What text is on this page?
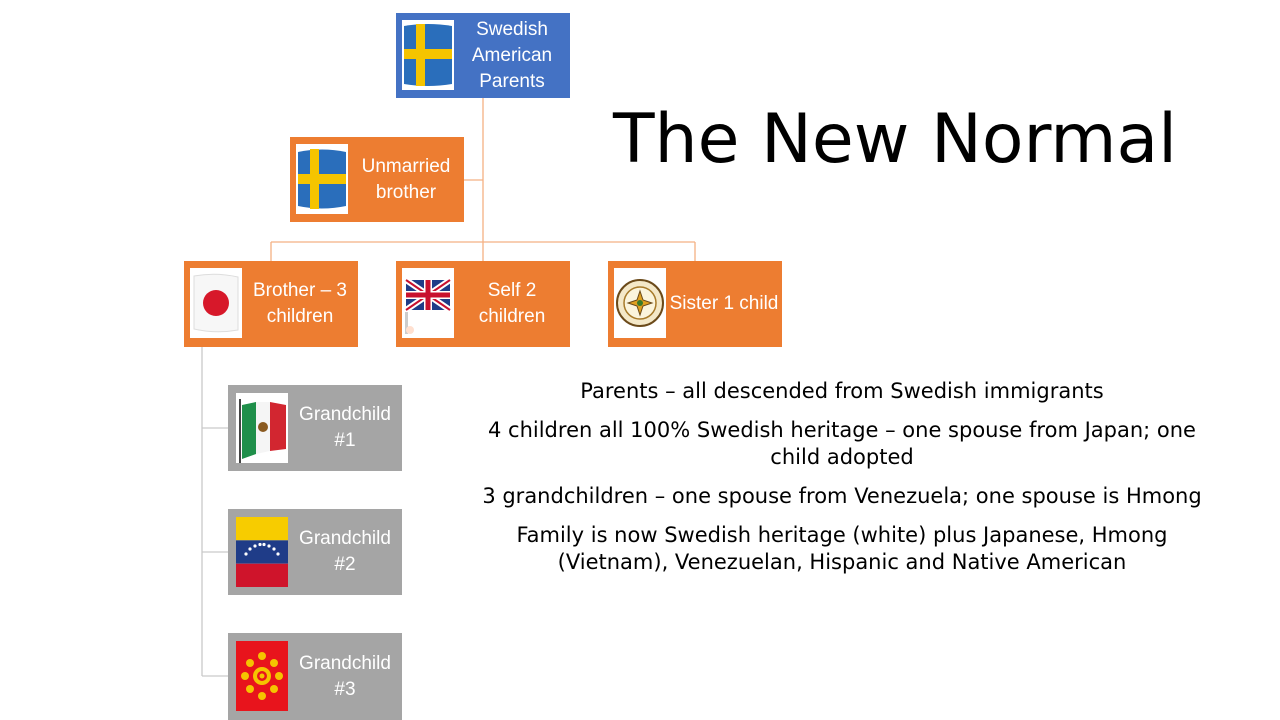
Swedish American Parents
Unmarried brother
Brother – 3 children
Self 2 children
Sister 1 child
Grandchild #1
Grandchild #2
Grandchild #3
The New Normal

Parents – all descended from Swedish immigrants

4 children all 100% Swedish heritage – one spouse from Japan; one child adopted

3 grandchildren – one spouse from Venezuela; one spouse is Hmong

Family is now Swedish heritage (white) plus Japanese, Hmong (Vietnam), Venezuelan, Hispanic and Native American
